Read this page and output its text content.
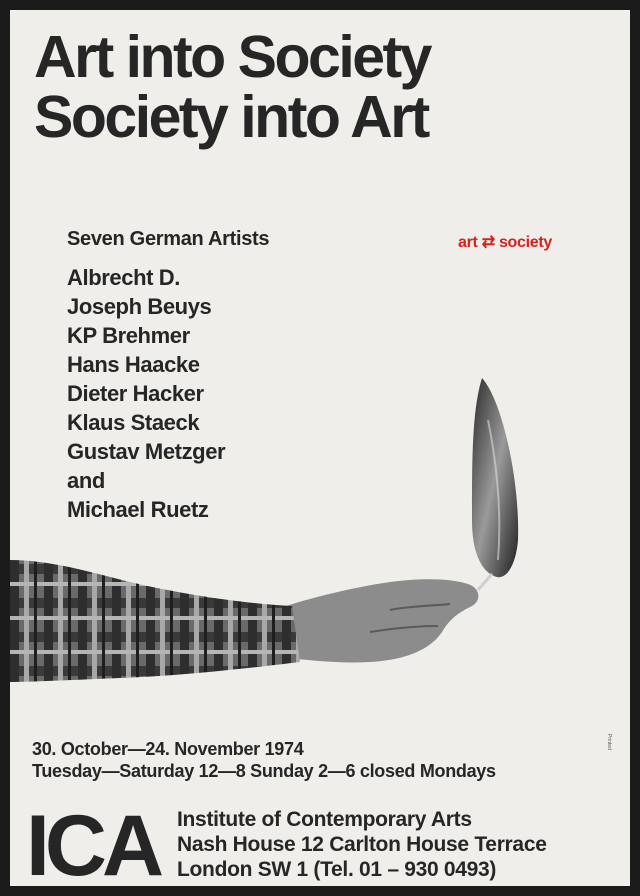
Art into Society
Society into Art
Seven German Artists	art ⇄ society
Albrecht D.
Joseph Beuys
KP Brehmer
Hans Haacke
Dieter Hacker
Klaus Staeck
Gustav Metzger
and
Michael Ruetz
30. October—24. November 1974
Tuesday—Saturday 12—8 Sunday 2—6 closed Mondays
Printed
ICA Institute of Contemporary Arts
Nash House 12 Carlton House Terrace
London SW 1 (Tel. 01 – 930 0493)
